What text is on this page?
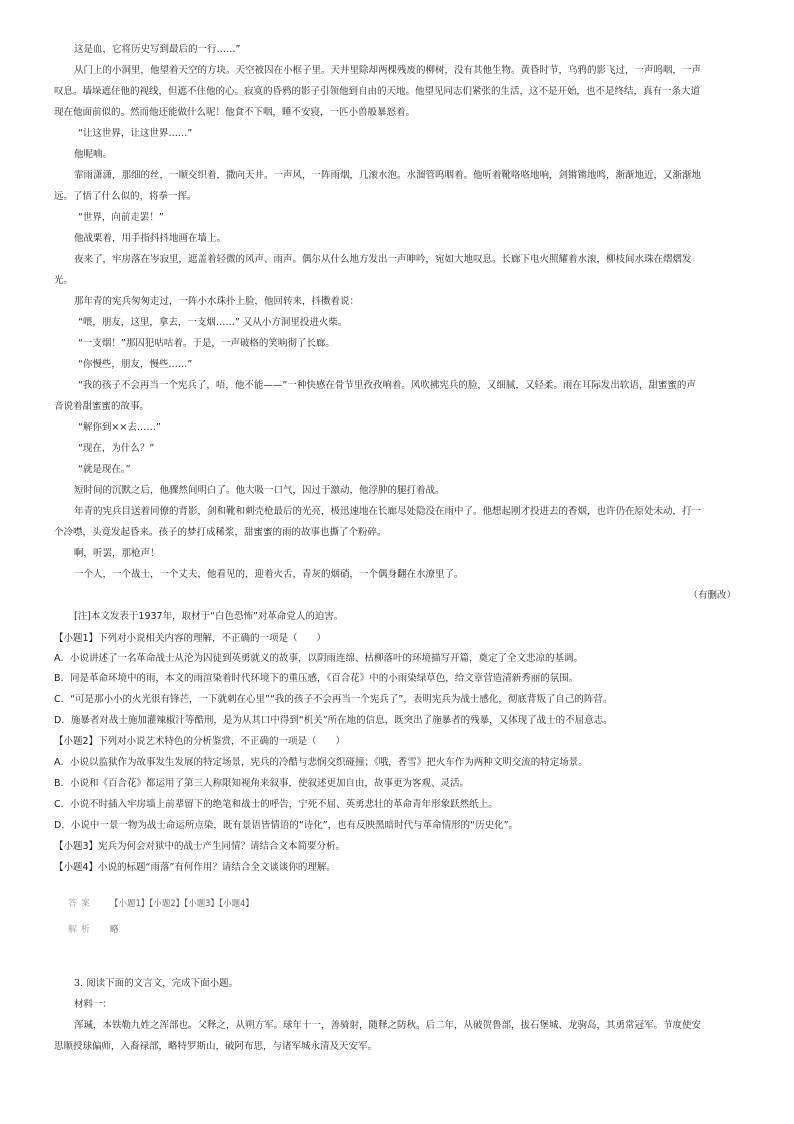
这是血，它将历史写到最后的一行……”
从门上的小洞里，他望着天空的方块。天空被囚在小框子里。天井里除却两棵残废的柳树，没有其他生物。黄昏时节，乌鸦的影飞过，一声呜咽，一声
叹息。墙垛遮住他的视线，但遮不住他的心。寂寞的昏鸦的影子引领他到自由的天地。他望见同志们紧张的生活，这不是开始，也不是终结，真有一条大道
现在他面前似的。然而他还能做什么呢！他食不下咽，睡不安寝，一匹小兽般暴怒着。
“让这世界，让这世界……”
他呢喃。
霏雨潇潇，那细的丝，一顺交织着，撒向天井。一声风，一阵雨烟，几滚水泡。水溜管呜咽着。他听着靴咯咯地响，剑锵锵地鸣，渐渐地近，又渐渐地
远。了悟了什么似的，将拳一挥。
“世界，向前走罢！”
他战栗着，用手指抖抖地画在墙上。
夜来了，牢房落在岑寂里，遮盖着轻微的风声、雨声。偶尔从什么地方发出一声呻吟，宛如大地叹息。长廊下电火照耀着水滚，柳枝间水珠在熠熠发
光。
那年青的宪兵匆匆走过，一阵小水珠扑上脸，他回转来，抖擞着说：
“喂，朋友，这里，拿去，一支烟……” 又从小方洞里投进火柴。
“一支烟！”那囚犯咕咕着。于是，一声破格的笑响彻了长廊。
“你慢些，朋友，慢些……”
“我的孩子不会再当一个宪兵了，唔，他不能——”一种快感在骨节里孜孜响着。风吹拂宪兵的脸，又细腻，又轻柔。雨在耳际发出软语，甜蜜蜜的声
音说着甜蜜蜜的故事。
“解你到××去……”
“现在，为什么？”
“就是现在。”
短时间的沉默之后，他骤然间明白了。他大吸一口气，因过于激动，他浮肿的腿打着战。
年青的宪兵目送着同僚的背影，剑和靴和刺壳枪最后的光亮，极迅速地在长廊尽处隐没在雨中了。他想起刚才投进去的香烟，也许仍在原处未动，打一
个冷噤，头竟发起昏来。孩子的梦打成稀浆，甜蜜蜜的雨的故事也撕了个粉碎。
啊，听罢，那枪声！
一个人，一个战士，一个丈夫，他看见的，迎着火舌，青灰的烟硝，一个偶身翻在水潦里了。
（有删改）
[注]本文发表于1937年，取材于“白色恐怖”对革命党人的迫害。
【小题1】下列对小说相关内容的理解，不正确的一项是（　　）
A．小说讲述了一名革命战士从沦为囚徒到英勇就义的故事，以阴雨连绵、枯柳落叶的环境描写开篇，奠定了全文悲凉的基调。
B．同是革命环境中的雨，本文的雨渲染着时代环境下的重压感，《百合花》中的小雨染绿草色，给文章营造清新秀丽的氛围。
C．“可是那小小的火光很有锋芒，一下就刺在心里”“我的孩子不会再当一个宪兵了”，表明宪兵为战士感化，彻底背叛了自己的阵营。
D．施暴者对战士施加灌辣椒汁等酷刑，是为从其口中得到“机关”所在地的信息，既突出了施暴者的残暴，又体现了战士的不屈意志。
【小题2】下列对小说艺术特色的分析鉴赏，不正确的一项是（　　）
A．小说以监狱作为故事发生发展的特定场景，宪兵的冷酷与悲悯交织碰撞；《哦，香雪》把火车作为两种文明交流的特定场景。
B．小说和《百合花》都运用了第三人称限知视角来叙事，使叙述更加自由，故事更为客观、灵活。
C．小说不时插入牢房墙上前辈留下的绝笔和战士的呼告，宁死不屈、英勇悲壮的革命青年形象跃然纸上。
D．小说中一景一物为战士命运所点染，既有景语皆情语的“诗化”，也有反映黑暗时代与革命情形的“历史化”。
【小题3】宪兵为何会对狱中的战士产生同情？请结合文本简要分析。
【小题4】小说的标题“雨落”有何作用？请结合全文谈谈你的理解。
答案 【小题1】【小题2】【小题3】【小题4】
解析 略
3. 阅读下面的文言文，完成下面小题。
材料一：
浑瑊，本铁勒九姓之浑部也。父释之，从朔方军。球年十一，善骑射，随释之防秋。后二年，从破贺鲁部，拔石堡城、龙驹岛，其勇常冠军。节度使安
思顺授球偏师，入裔禄部，略特罗斯山，破阿布思，与诸军城永清及天安军。
